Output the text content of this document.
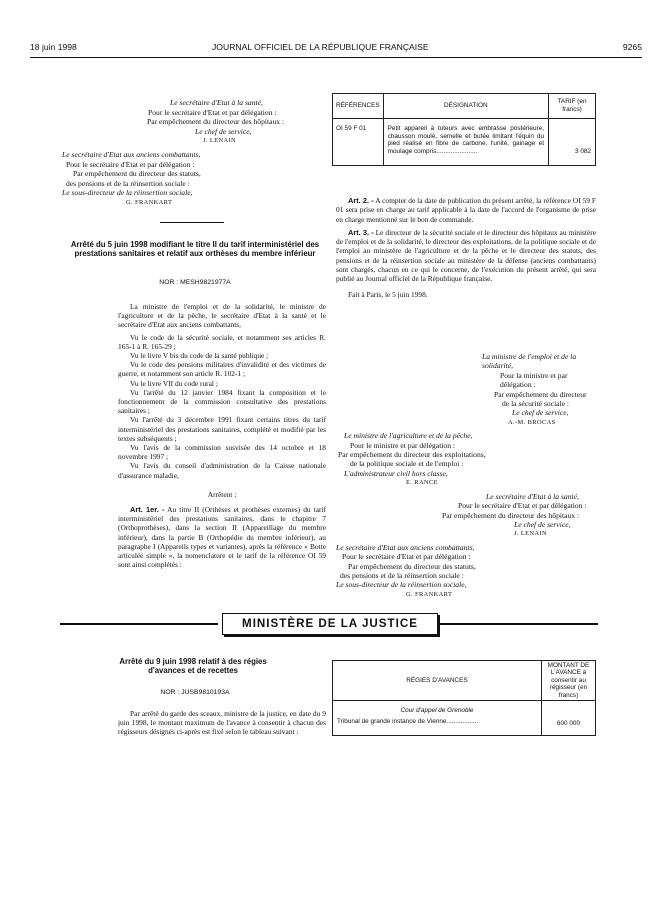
18 juin 1998	JOURNAL OFFICIEL DE LA RÉPUBLIQUE FRANÇAISE	9265
Le secrétaire d'Etat à la santé,
Pour le secrétaire d'Etat et par délégation :
Par empêchement du directeur des hôpitaux :
Le chef de service,
J. LENAIN
Le secrétaire d'Etat aux anciens combattants,
Pour le secrétaire d'Etat et par délégation :
Par empêchement du directeur des statuts,
des pensions et de la réinsertion sociale :
Le sous-directeur de la réinsertion sociale,
G. FRANKART
Arrêté du 5 juin 1998 modifiant le titre II du tarif interministériel des prestations sanitaires et relatif aux orthèses du membre inférieur
NOR : MESH9821977A

La ministre de l'emploi et de la solidarité, le ministre de l'agriculture et de la pêche, le secrétaire d'Etat à la santé et le secrétaire d'Etat aux anciens combattants,

Vu le code de la sécurité sociale, et notamment ses articles R. 165-1 à R. 165-29 ;

Vu le livre V bis du code de la santé publique ;

Vu le code des pensions militaires d'invalidité et des victimes de guerre, et notamment son article R. 102-1 ;

Vu le livre VII du code rural ;

Vu l'arrêté du 12 janvier 1984 fixant la composition et le fonctionnement de la commission consultative des prestations sanitaires ;

Vu l'arrêté du 3 décembre 1991 fixant certains titres du tarif interministériel des prestations sanitaires, complété et modifié par les textes subséquents ;

Vu l'avis de la commission susvisée des 14 octobre et 18 novembre 1997 ;

Vu l'avis du conseil d'administration de la Caisse nationale d'assurance maladie,

Arrêtent :

Art. 1er. - Au titre II (Orthèses et prothèses externes) du tarif interministériel des prestations sanitaires, dans le chapitre 7 (Orthoprothèses), dans la section II (Appareillage du membre inférieur), dans la partie B (Orthopédie du membre inférieur), au paragraphe I (Appareils types et variantes), après la référence « Botte articulée simple », la nomenclature et le tarif de la référence OI 59 sont ainsi complétés :

RÉFÉRENCES	DÉSIGNATION	TARIF (en francs)
OI 59 F 01	Petit appareil à tuteurs avec embrasse postérieure, chausson moulé, semelle et butée limitant l'équin du pied réalisé en fibre de carbone, l'unité, gainage et moulage compris.......................	3 082

Art. 2. - A compter de la date de publication du présent arrêté, la référence OI 59 F 01 sera prise en charge au tarif applicable à la date de l'accord de l'organisme de prise en charge mentionné sur le bon de commande.

Art. 3. - Le directeur de la sécurité sociale et le directeur des hôpitaux au ministère de l'emploi et de la solidarité, le directeur des exploitations, de la politique sociale et de l'emploi au ministère de l'agriculture et de la pêche et le directeur des statuts, des pensions et de la réinsertion sociale au ministère de la défense (anciens combattants) sont chargés, chacun en ce qui le concerne, de l'exécution du présent arrêté, qui sera publié au Journal officiel de la République française.

Fait à Paris, le 5 juin 1998.

La ministre de l'emploi et de la solidarité,
Pour la ministre et par délégation :
Par empêchement du directeur
de la sécurité sociale :
Le chef de service,
A.-M. BROCAS
Le ministre de l'agriculture et de la pêche,
Pour le ministre et par délégation :
Par empêchement du directeur des exploitations,
de la politique sociale et de l'emploi :
L'administrateur civil hors classe,
E. RANCE
Le secrétaire d'Etat à la santé,
Pour le secrétaire d'Etat et par délégation :
Par empêchement du directeur des hôpitaux :
Le chef de service,
J. LENAIN
Le secrétaire d'Etat aux anciens combattants,
Pour le secrétaire d'Etat et par délégation :
Par empêchement du directeur des statuts,
des pensions et de la réinsertion sociale :
Le sous-directeur de la réinsertion sociale,
G. FRANKART
MINISTÈRE DE LA JUSTICE
Arrêté du 9 juin 1998 relatif à des régies d'avances et de recettes
NOR : JUSB9810193A

Par arrêté du garde des sceaux, ministre de la justice, en date du 9 juin 1998, le montant maximum de l'avance à consentir à chacun des régisseurs désignés ci-après est fixé selon le tableau suivant :

RÉGIES D'AVANCES	MONTANT DE L'AVANCE à consentir au régisseur (en francs)

Cour d'appel de Grenoble
Tribunal de grande instance de Vienne..................	600 000
